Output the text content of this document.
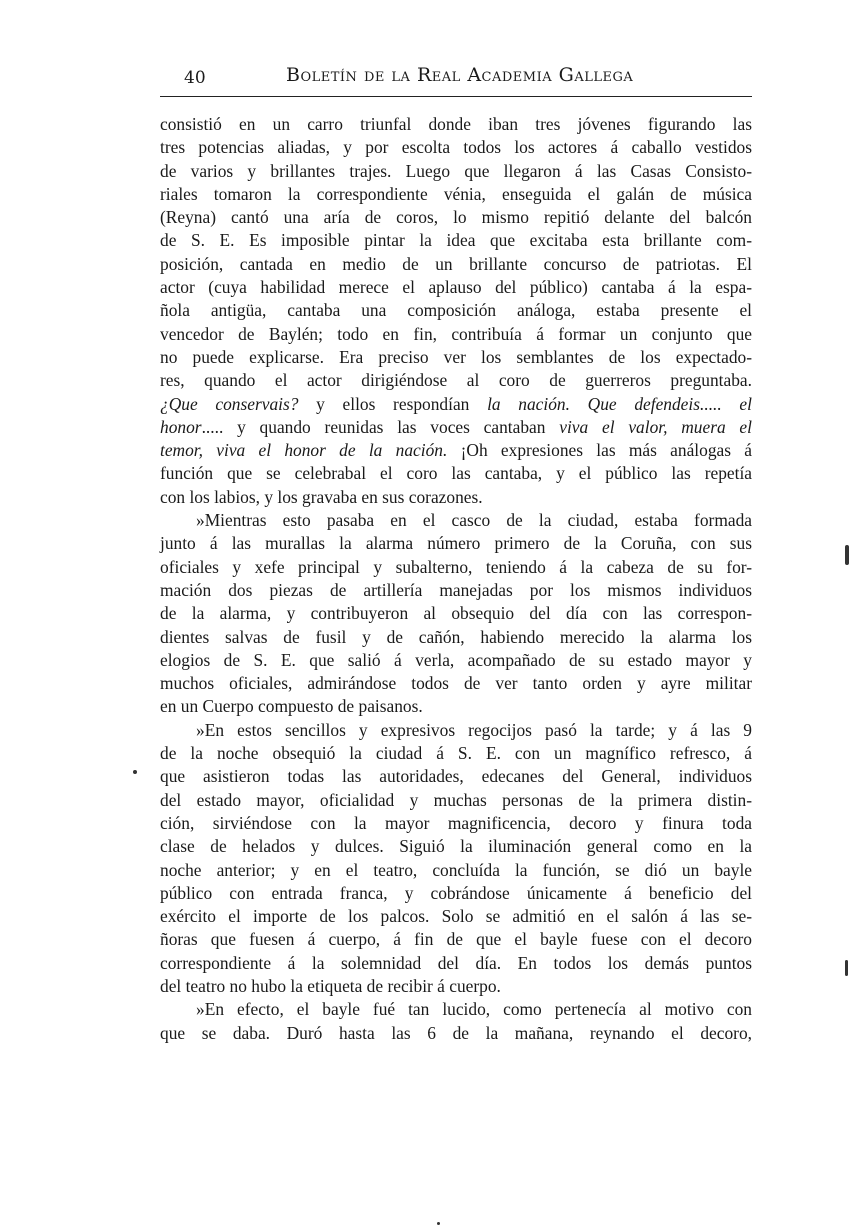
40	Boletín de la Real Academia Gallega

consistió en un carro triunfal donde iban tres jóvenes figurando las
tres potencias aliadas, y por escolta todos los actores á caballo vestidos
de varios y brillantes trajes. Luego que llegaron á las Casas Consisto-
riales tomaron la correspondiente vénia, enseguida el galán de música
(Reyna) cantó una aría de coros, lo mismo repitió delante del balcón
de S. E. Es imposible pintar la idea que excitaba esta brillante com-
posición, cantada en medio de un brillante concurso de patriotas. El
actor (cuya habilidad merece el aplauso del público) cantaba á la espa-
ñola antigüa, cantaba una composición análoga, estaba presente el
vencedor de Baylén; todo en fin, contribuía á formar un conjunto que
no puede explicarse. Era preciso ver los semblantes de los expectado-
res, quando el actor dirigiéndose al coro de guerreros preguntaba.
¿Que conservais? y ellos respondían la nación. Que defendeis..... el
honor..... y quando reunidas las voces cantaban viva el valor, muera el
temor, viva el honor de la nación. ¡Oh expresiones las más análogas á
función que se celebrabal el coro las cantaba, y el público las repetía
con los labios, y los gravaba en sus corazones.

»Mientras esto pasaba en el casco de la ciudad, estaba formada
junto á las murallas la alarma número primero de la Coruña, con sus
oficiales y xefe principal y subalterno, teniendo á la cabeza de su for-
mación dos piezas de artillería manejadas por los mismos individuos
de la alarma, y contribuyeron al obsequio del día con las correspon-
dientes salvas de fusil y de cañón, habiendo merecido la alarma los
elogios de S. E. que salió á verla, acompañado de su estado mayor y
muchos oficiales, admirándose todos de ver tanto orden y ayre militar
en un Cuerpo compuesto de paisanos.

»En estos sencillos y expresivos regocijos pasó la tarde; y á las 9
de la noche obsequió la ciudad á S. E. con un magnífico refresco, á
que asistieron todas las autoridades, edecanes del General, individuos
del estado mayor, oficialidad y muchas personas de la primera distin-
ción, sirviéndose con la mayor magnificencia, decoro y finura toda
clase de helados y dulces. Siguió la iluminación general como en la
noche anterior; y en el teatro, concluída la función, se dió un bayle
público con entrada franca, y cobrándose únicamente á beneficio del
exército el importe de los palcos. Solo se admitió en el salón á las se-
ñoras que fuesen á cuerpo, á fin de que el bayle fuese con el decoro
correspondiente á la solemnidad del día. En todos los demás puntos
del teatro no hubo la etiqueta de recibir á cuerpo.

»En efecto, el bayle fué tan lucido, como pertenecía al motivo con
que se daba. Duró hasta las 6 de la mañana, reynando el decoro,
